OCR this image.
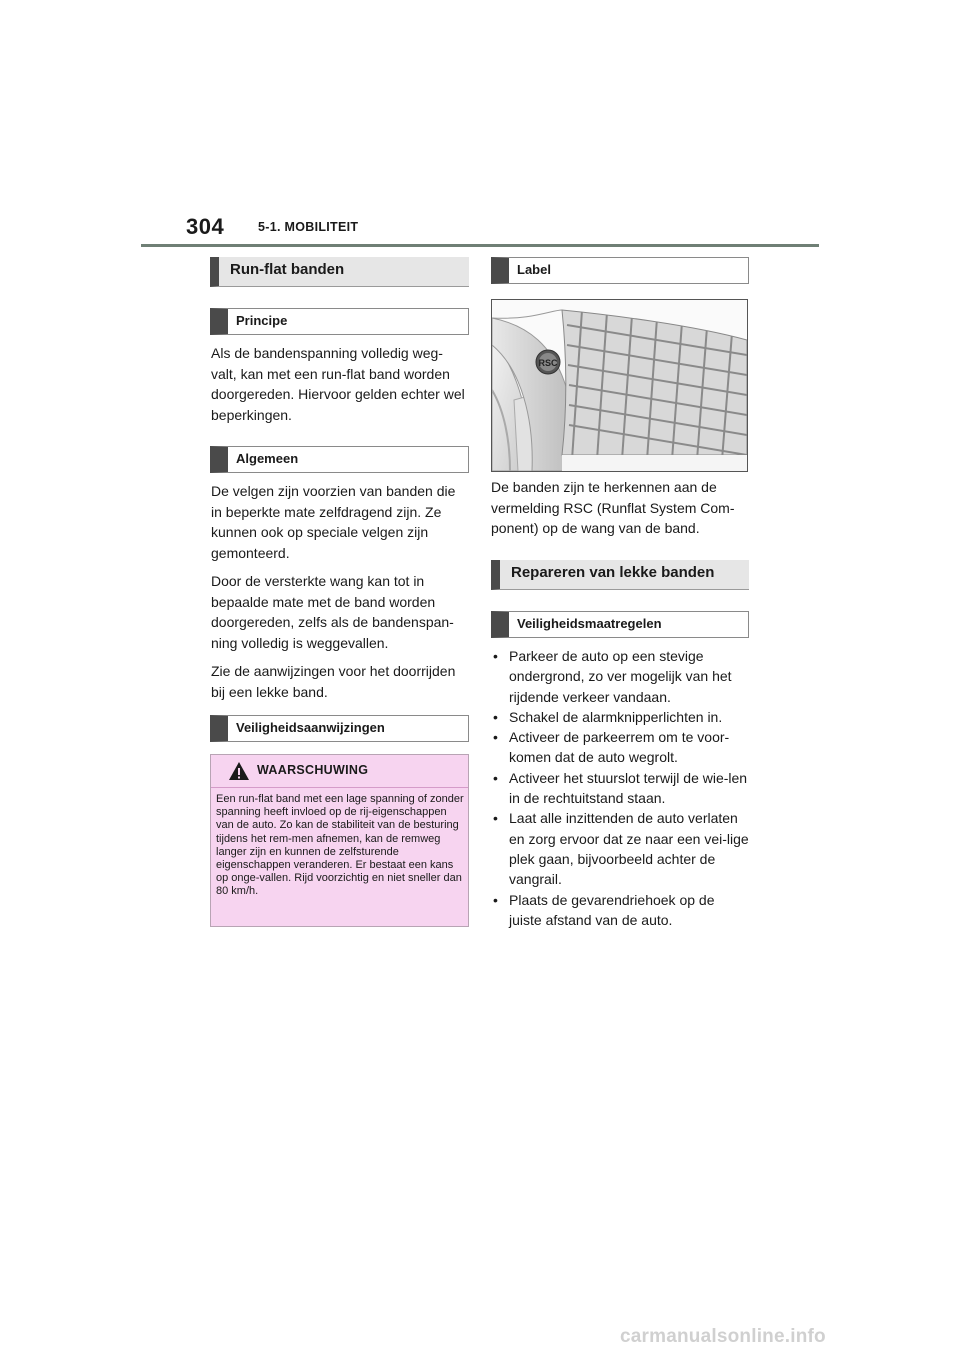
304	5-1. MOBILITEIT
Run-flat banden
Principe

Als de bandenspanning volledig weg-valt, kan met een run-flat band worden doorgereden. Hiervoor gelden echter wel beperkingen.

Algemeen

De velgen zijn voorzien van banden die in beperkte mate zelfdragend zijn. Ze kunnen ook op speciale velgen zijn gemonteerd.

Door de versterkte wang kan tot in bepaalde mate met de band worden doorgereden, zelfs als de bandenspan-ning volledig is weggevallen.

Zie de aanwijzingen voor het doorrijden bij een lekke band.

Veiligheidsaanwijzingen
WAARSCHUWING
Een run-flat band met een lage spanning of zonder spanning heeft invloed op de rij-eigenschappen van de auto. Zo kan de stabiliteit van de besturing tijdens het rem-men afnemen, kan de remweg langer zijn en kunnen de zelfsturende eigenschappen veranderen. Er bestaat een kans op onge-vallen. Rijd voorzichtig en niet sneller dan 80 km/h.
Label
RSC

De banden zijn te herkennen aan de vermelding RSC (Runflat System Com-ponent) op de wang van de band.

Repareren van lekke banden
Veiligheidsmaatregelen
• Parkeer de auto op een stevige ondergrond, zo ver mogelijk van het rijdende verkeer vandaan.
• Schakel de alarmknipperlichten in.
• Activeer de parkeerrem om te voor-komen dat de auto wegrolt.
• Activeer het stuurslot terwijl de wie-len in de rechtuitstand staan.
• Laat alle inzittenden de auto verlaten en zorg ervoor dat ze naar een vei-lige plek gaan, bijvoorbeeld achter de vangrail.
• Plaats de gevarendriehoek op de juiste afstand van de auto.
carmanualsonline.info
